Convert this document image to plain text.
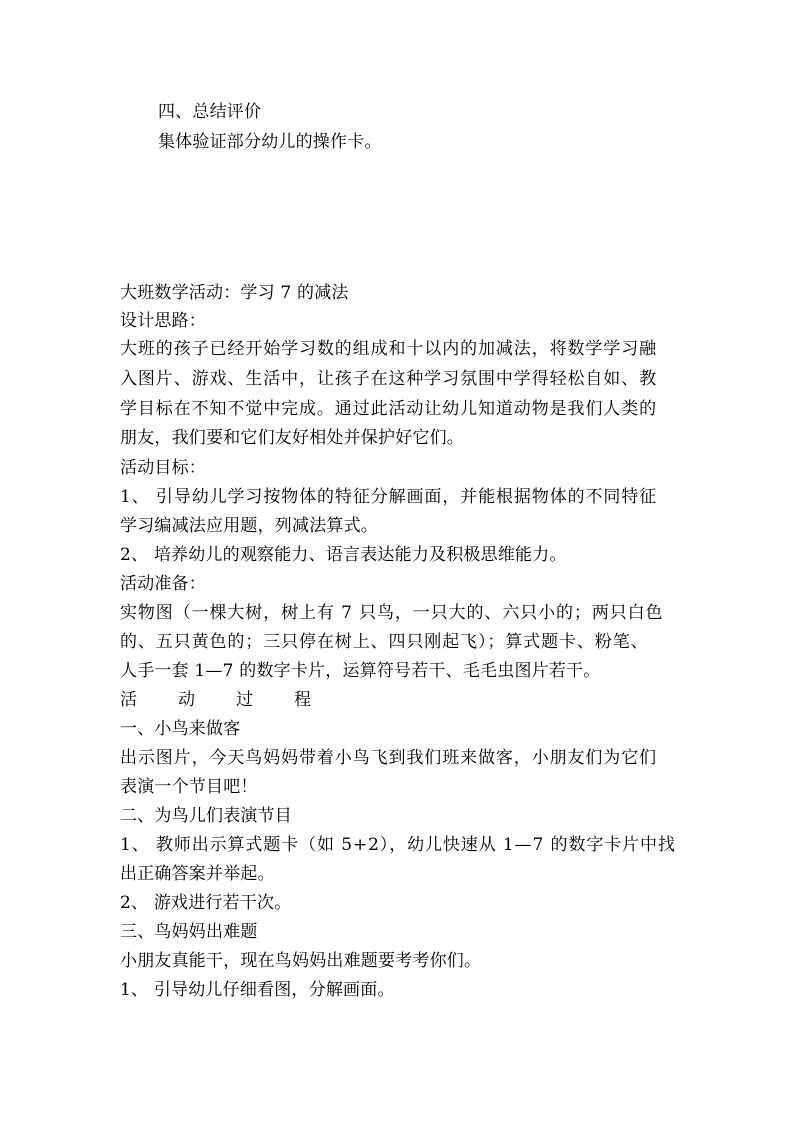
四、总结评价
集体验证部分幼儿的操作卡。
大班数学活动：学习 7 的减法
设计思路：
大班的孩子已经开始学习数的组成和十以内的加减法，将数学学习融
入图片、游戏、生活中，让孩子在这种学习氛围中学得轻松自如、教
学目标在不知不觉中完成。通过此活动让幼儿知道动物是我们人类的
朋友，我们要和它们友好相处并保护好它们。
活动目标：
1、 引导幼儿学习按物体的特征分解画面，并能根据物体的不同特征
学习编减法应用题，列减法算式。
2、 培养幼儿的观察能力、语言表达能力及积极思维能力。
活动准备：
实物图（一棵大树，树上有 7 只鸟，一只大的、六只小的；两只白色
的、五只黄色的；三只停在树上、四只刚起飞）；算式题卡、粉笔、
人手一套 1—7 的数字卡片，运算符号若干、毛毛虫图片若干。
活 动 过 程
一、小鸟来做客
出示图片，今天鸟妈妈带着小鸟飞到我们班来做客，小朋友们为它们
表演一个节目吧！
二、为鸟儿们表演节目
1、 教师出示算式题卡（如 5+2），幼儿快速从 1—7 的数字卡片中找
出正确答案并举起。
2、 游戏进行若干次。
三、鸟妈妈出难题
小朋友真能干，现在鸟妈妈出难题要考考你们。
1、 引导幼儿仔细看图，分解画面。
